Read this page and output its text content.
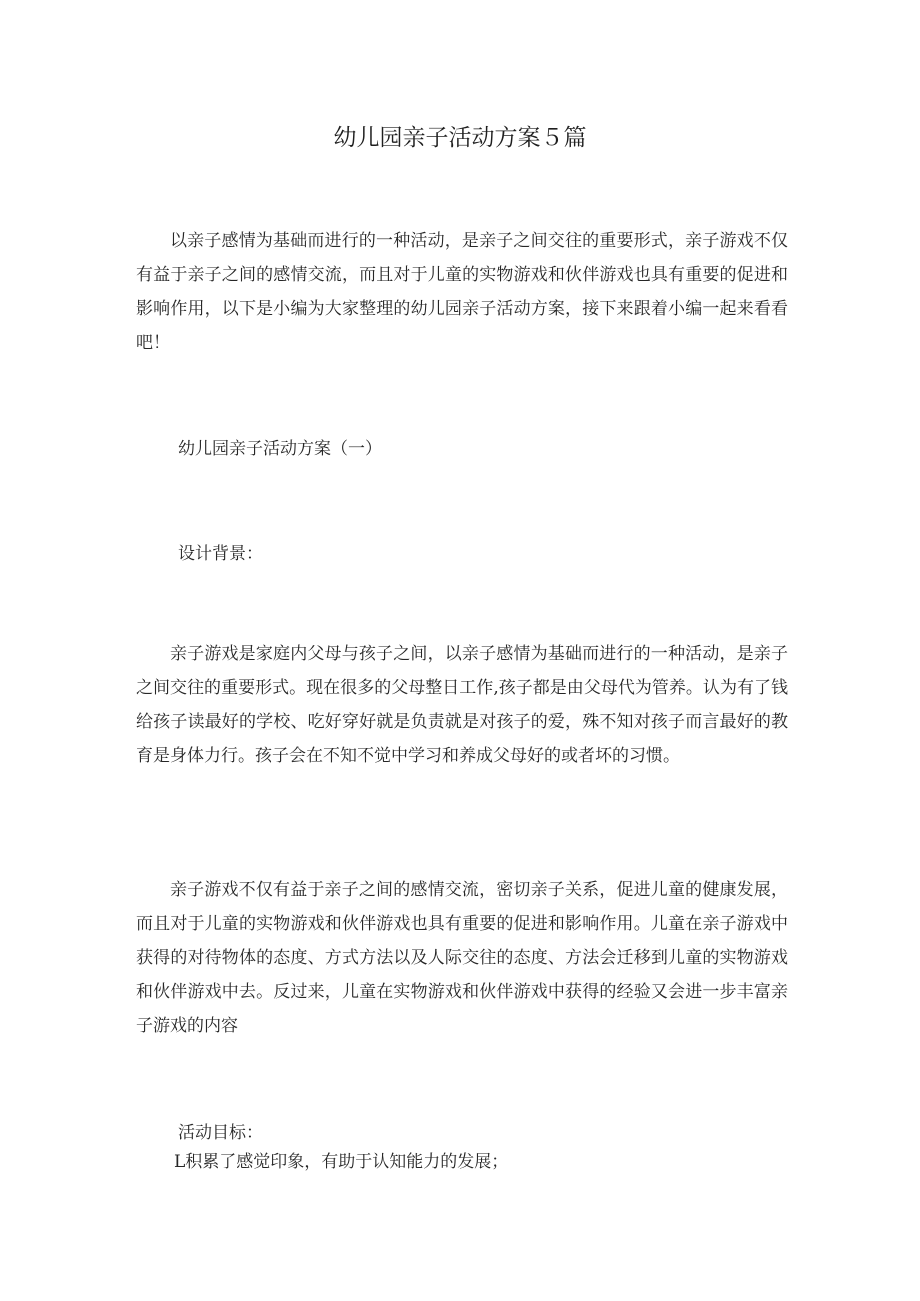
幼儿园亲子活动方案５篇

以亲子感情为基础而进行的一种活动，是亲子之间交往的重要形式，亲子游戏不仅有益于亲子之间的感情交流，而且对于儿童的实物游戏和伙伴游戏也具有重要的促进和影响作用，以下是小编为大家整理的幼儿园亲子活动方案，接下来跟着小编一起来看看吧！

幼儿园亲子活动方案（一）

设计背景：

亲子游戏是家庭内父母与孩子之间，以亲子感情为基础而进行的一种活动，是亲子之间交往的重要形式。现在很多的父母整日工作,孩子都是由父母代为管养。认为有了钱给孩子读最好的学校、吃好穿好就是负责就是对孩子的爱，殊不知对孩子而言最好的教育是身体力行。孩子会在不知不觉中学习和养成父母好的或者坏的习惯。

亲子游戏不仅有益于亲子之间的感情交流，密切亲子关系，促进儿童的健康发展，而且对于儿童的实物游戏和伙伴游戏也具有重要的促进和影响作用。儿童在亲子游戏中获得的对待物体的态度、方式方法以及人际交往的态度、方法会迁移到儿童的实物游戏和伙伴游戏中去。反过来，儿童在实物游戏和伙伴游戏中获得的经验又会进一步丰富亲子游戏的内容

活动目标：

L积累了感觉印象，有助于认知能力的发展；
